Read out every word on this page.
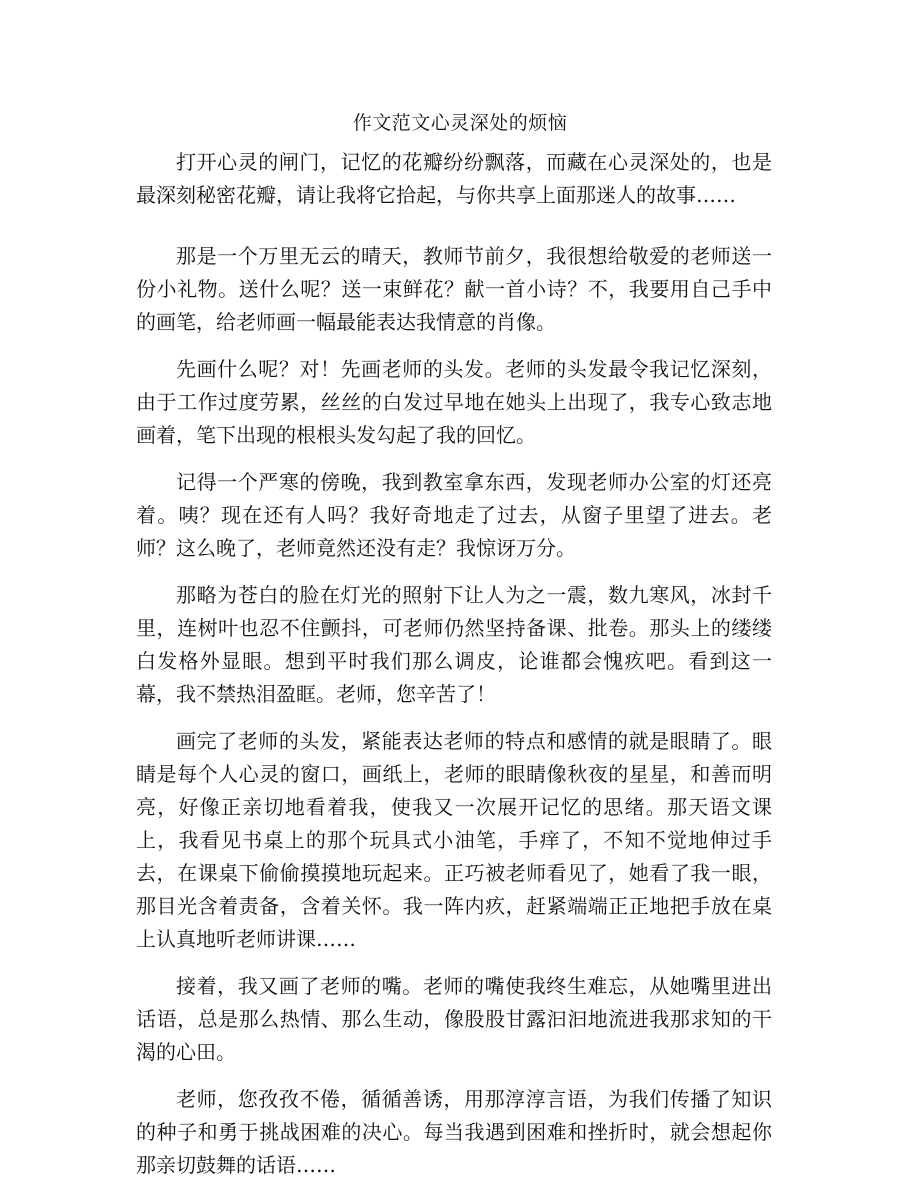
作文范文心灵深处的烦恼

打开心灵的闸门，记忆的花瓣纷纷飘落，而藏在心灵深处的，也是最深刻秘密花瓣，请让我将它拾起，与你共享上面那迷人的故事……

那是一个万里无云的晴天，教师节前夕，我很想给敬爱的老师送一份小礼物。送什么呢？送一束鲜花？献一首小诗？不，我要用自己手中的画笔，给老师画一幅最能表达我情意的肖像。

先画什么呢？对！先画老师的头发。老师的头发最令我记忆深刻，由于工作过度劳累，丝丝的白发过早地在她头上出现了，我专心致志地画着，笔下出现的根根头发勾起了我的回忆。

记得一个严寒的傍晚，我到教室拿东西，发现老师办公室的灯还亮着。咦？现在还有人吗？我好奇地走了过去，从窗子里望了进去。老师？这么晚了，老师竟然还没有走？我惊讶万分。

那略为苍白的脸在灯光的照射下让人为之一震，数九寒风，冰封千里，连树叶也忍不住颤抖，可老师仍然坚持备课、批卷。那头上的缕缕白发格外显眼。想到平时我们那么调皮，论谁都会愧疚吧。看到这一幕，我不禁热泪盈眶。老师，您辛苦了！

画完了老师的头发，紧能表达老师的特点和感情的就是眼睛了。眼睛是每个人心灵的窗口，画纸上，老师的眼睛像秋夜的星星，和善而明亮，好像正亲切地看着我，使我又一次展开记忆的思绪。那天语文课上，我看见书桌上的那个玩具式小油笔，手痒了，不知不觉地伸过手去，在课桌下偷偷摸摸地玩起来。正巧被老师看见了，她看了我一眼，那目光含着责备，含着关怀。我一阵内疚，赶紧端端正正地把手放在桌上认真地听老师讲课……

接着，我又画了老师的嘴。老师的嘴使我终生难忘，从她嘴里进出话语，总是那么热情、那么生动，像股股甘露汩汩地流进我那求知的干渴的心田。

老师，您孜孜不倦，循循善诱，用那淳淳言语，为我们传播了知识的种子和勇于挑战困难的决心。每当我遇到困难和挫折时，就会想起你那亲切鼓舞的话语……
